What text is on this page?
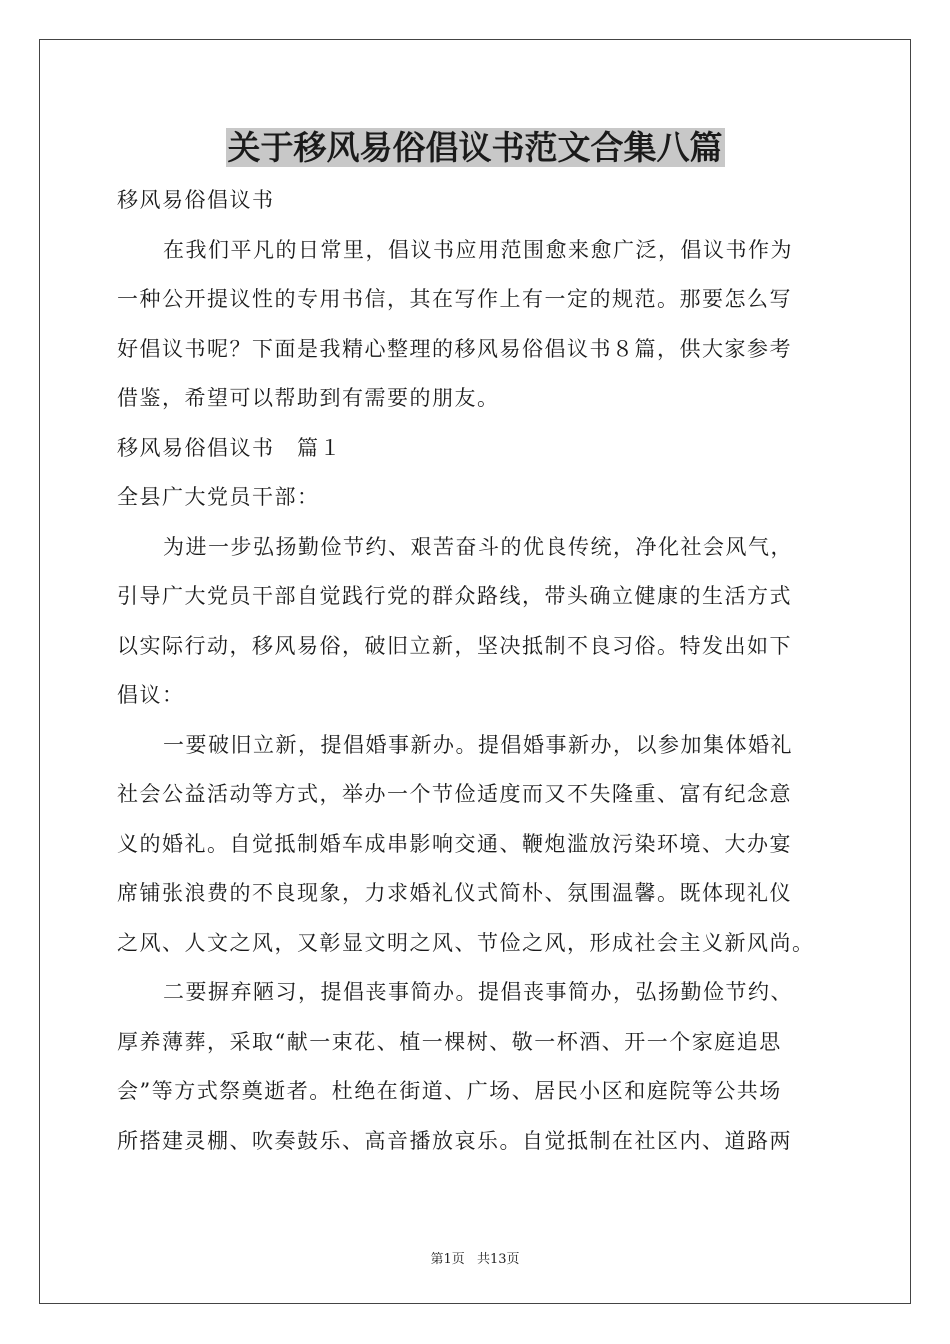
关于移风易俗倡议书范文合集八篇
移风易俗倡议书
在我们平凡的日常里，倡议书应用范围愈来愈广泛，倡议书作为
一种公开提议性的专用书信，其在写作上有一定的规范。那要怎么写
好倡议书呢？下面是我精心整理的移风易俗倡议书８篇，供大家参考
借鉴，希望可以帮助到有需要的朋友。
移风易俗倡议书　篇１
全县广大党员干部：
为进一步弘扬勤俭节约、艰苦奋斗的优良传统，净化社会风气，
引导广大党员干部自觉践行党的群众路线，带头确立健康的生活方式
以实际行动，移风易俗，破旧立新，坚决抵制不良习俗。特发出如下
倡议：
一要破旧立新，提倡婚事新办。提倡婚事新办，以参加集体婚礼
社会公益活动等方式，举办一个节俭适度而又不失隆重、富有纪念意
义的婚礼。自觉抵制婚车成串影响交通、鞭炮滥放污染环境、大办宴
席铺张浪费的不良现象，力求婚礼仪式简朴、氛围温馨。既体现礼仪
之风、人文之风，又彰显文明之风、节俭之风，形成社会主义新风尚。
二要摒弃陋习，提倡丧事简办。提倡丧事简办，弘扬勤俭节约、
厚养薄葬，采取“献一束花、植一棵树、敬一杯酒、开一个家庭追思
会”等方式祭奠逝者。杜绝在街道、广场、居民小区和庭院等公共场
所搭建灵棚、吹奏鼓乐、高音播放哀乐。自觉抵制在社区内、道路两
第1页 共13页
